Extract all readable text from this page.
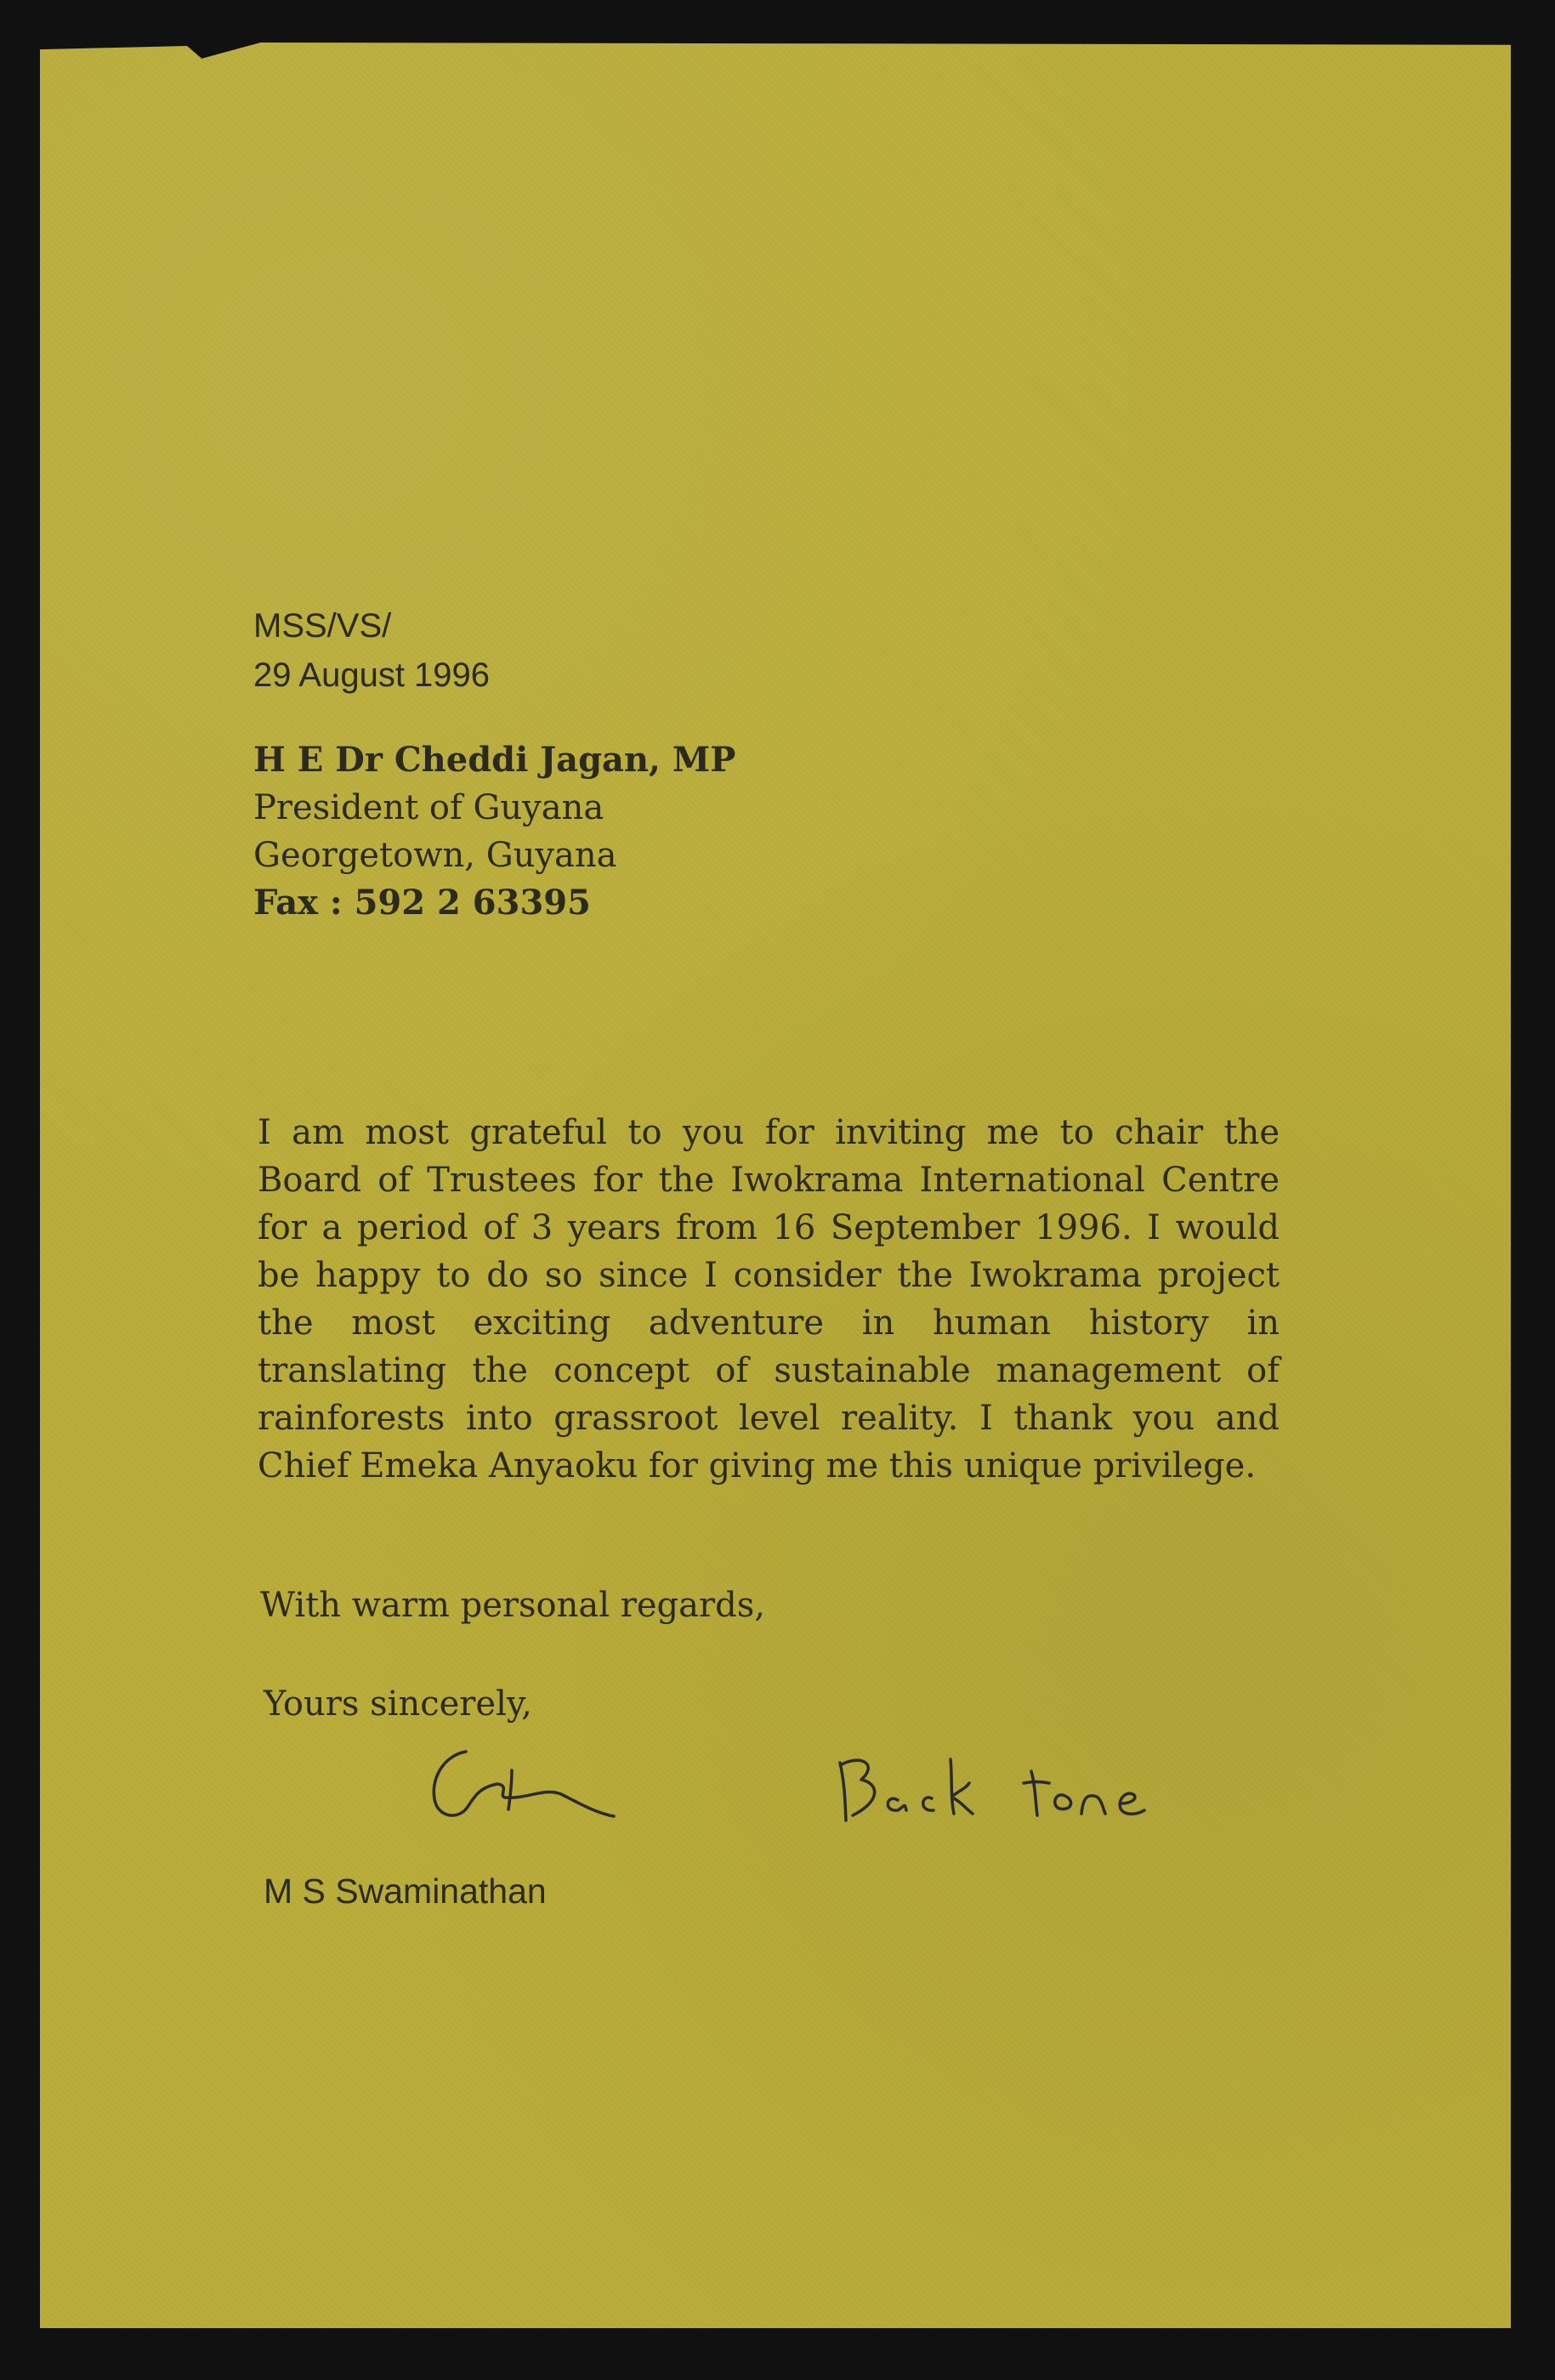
MSS/VS/
29 August 1996
H E Dr Cheddi Jagan, MP
President of Guyana
Georgetown, Guyana
Fax : 592 2 63395
I am most grateful to you for inviting me to chair the Board of Trustees for the Iwokrama International Centre for a period of 3 years from 16 September 1996. I would be happy to do so since I consider the Iwokrama project the most exciting adventure in human history in translating the concept of sustainable management of rainforests into grassroot level reality. I thank you and Chief Emeka Anyaoku for giving me this unique privilege.
With warm personal regards,
Yours sincerely,
M S Swaminathan
